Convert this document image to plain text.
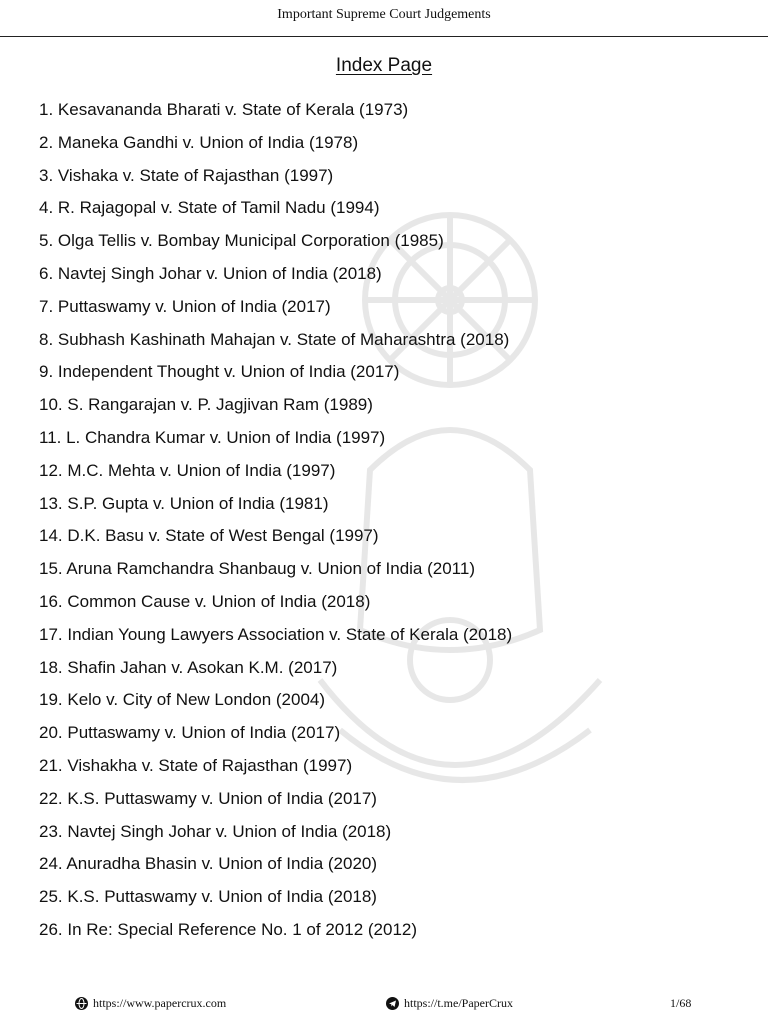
Important Supreme Court Judgements
Index Page
1. Kesavananda Bharati v. State of Kerala (1973)
2. Maneka Gandhi v. Union of India (1978)
3. Vishaka v. State of Rajasthan (1997)
4. R. Rajagopal v. State of Tamil Nadu (1994)
5. Olga Tellis v. Bombay Municipal Corporation (1985)
6. Navtej Singh Johar v. Union of India (2018)
7. Puttaswamy v. Union of India (2017)
8. Subhash Kashinath Mahajan v. State of Maharashtra (2018)
9. Independent Thought v. Union of India (2017)
10. S. Rangarajan v. P. Jagjivan Ram (1989)
11. L. Chandra Kumar v. Union of India (1997)
12. M.C. Mehta v. Union of India (1997)
13. S.P. Gupta v. Union of India (1981)
14. D.K. Basu v. State of West Bengal (1997)
15. Aruna Ramchandra Shanbaug v. Union of India (2011)
16. Common Cause v. Union of India (2018)
17. Indian Young Lawyers Association v. State of Kerala (2018)
18. Shafin Jahan v. Asokan K.M. (2017)
19. Kelo v. City of New London (2004)
20. Puttaswamy v. Union of India (2017)
21. Vishakha v. State of Rajasthan (1997)
22. K.S. Puttaswamy v. Union of India (2017)
23. Navtej Singh Johar v. Union of India (2018)
24. Anuradha Bhasin v. Union of India (2020)
25. K.S. Puttaswamy v. Union of India (2018)
26. In Re: Special Reference No. 1 of 2012 (2012)
https://www.papercrux.com	https://t.me/PaperCrux	1/68
